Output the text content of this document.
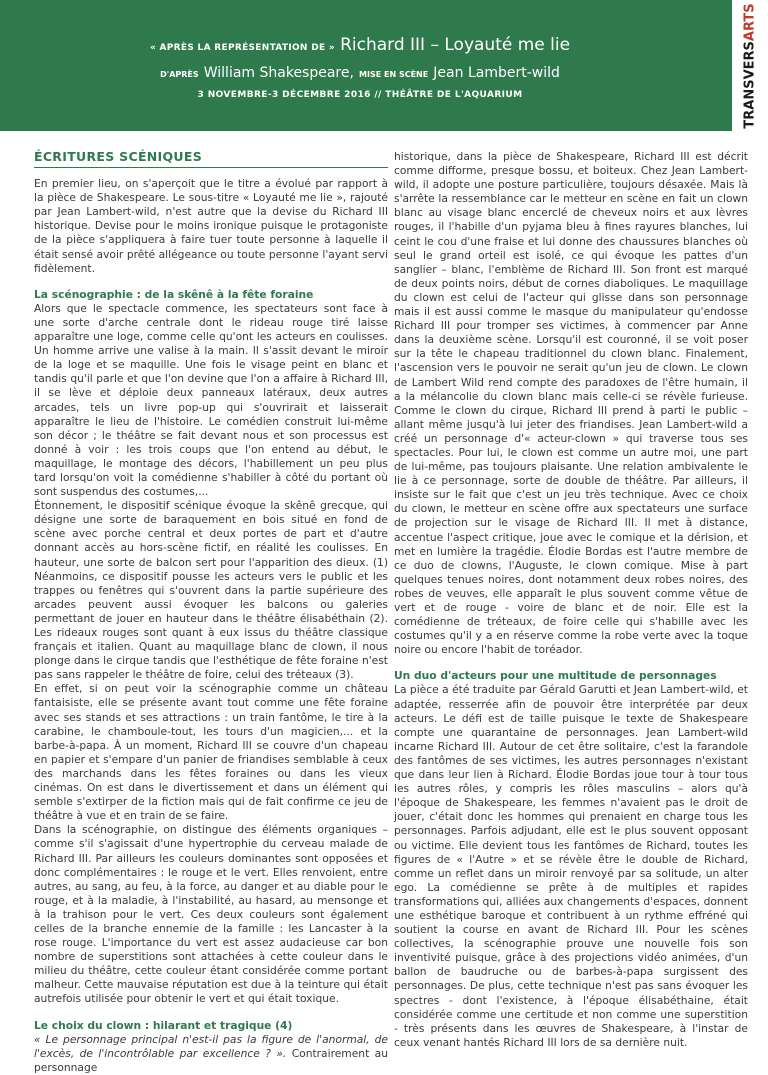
« APRÈS LA REPRÉSENTATION DE » Richard III – Loyauté me lie
D'APRÈS William Shakespeare, MISE EN SCÈNE Jean Lambert-wild
3 NOVEMBRE-3 DÉCEMBRE 2016 // THÉÂTRE DE L'AQUARIUM	TRANSVERSARTS
ÉCRITURES SCÉNIQUES

En premier lieu, on s'aperçoit que le titre a évolué par rapport à la pièce de Shakespeare. Le sous-titre « Loyauté me lie », rajouté par Jean Lambert-wild, n'est autre que la devise du Richard III historique. Devise pour le moins ironique puisque le protagoniste de la pièce s'appliquera à faire tuer toute personne à laquelle il était sensé avoir prêté allégeance ou toute personne l'ayant servi fidèlement.

La scénographie : de la skênê à la fête foraine

Alors que le spectacle commence, les spectateurs sont face à une sorte d'arche centrale dont le rideau rouge tiré laisse apparaître une loge, comme celle qu'ont les acteurs en coulisses. Un homme arrive une valise à la main. Il s'assit devant le miroir de la loge et se maquille. Une fois le visage peint en blanc et tandis qu'il parle et que l'on devine que l'on a affaire à Richard III, il se lève et déploie deux panneaux latéraux, deux autres arcades, tels un livre pop-up qui s'ouvrirait et laisserait apparaître le lieu de l'histoire. Le comédien construit lui-même son décor ; le théâtre se fait devant nous et son processus est donné à voir : les trois coups que l'on entend au début, le maquillage, le montage des décors, l'habillement un peu plus tard lorsqu'on voit la comédienne s'habiller à côté du portant où sont suspendus des costumes,...

Étonnement, le dispositif scénique évoque la skênê grecque, qui désigne une sorte de baraquement en bois situé en fond de scène avec porche central et deux portes de part et d'autre donnant accès au hors-scène fictif, en réalité les coulisses. En hauteur, une sorte de balcon sert pour l'apparition des dieux. (1) Néanmoins, ce dispositif pousse les acteurs vers le public et les trappes ou fenêtres qui s'ouvrent dans la partie supérieure des arcades peuvent aussi évoquer les balcons ou galeries permettant de jouer en hauteur dans le théâtre élisabéthain (2). Les rideaux rouges sont quant à eux issus du théâtre classique français et italien. Quant au maquillage blanc de clown, il nous plonge dans le cirque tandis que l'esthétique de fête foraine n'est pas sans rappeler le théâtre de foire, celui des tréteaux (3).

En effet, si on peut voir la scénographie comme un château fantaisiste, elle se présente avant tout comme une fête foraine avec ses stands et ses attractions : un train fantôme, le tire à la carabine, le chamboule-tout, les tours d'un magicien,... et la barbe-à-papa. À un moment, Richard III se couvre d'un chapeau en papier et s'empare d'un panier de friandises semblable à ceux des marchands dans les fêtes foraines ou dans les vieux cinémas. On est dans le divertissement et dans un élément qui semble s'extirper de la fiction mais qui de fait confirme ce jeu de théâtre à vue et en train de se faire.

Dans la scénographie, on distingue des éléments organiques – comme s'il s'agissait d'une hypertrophie du cerveau malade de Richard III. Par ailleurs les couleurs dominantes sont opposées et donc complémentaires : le rouge et le vert. Elles renvoient, entre autres, au sang, au feu, à la force, au danger et au diable pour le rouge, et à la maladie, à l'instabilité, au hasard, au mensonge et à la trahison pour le vert. Ces deux couleurs sont également celles de la branche ennemie de la famille : les Lancaster à la rose rouge. L'importance du vert est assez audacieuse car bon nombre de superstitions sont attachées à cette couleur dans le milieu du théâtre, cette couleur étant considérée comme portant malheur. Cette mauvaise réputation est due à la teinture qui était autrefois utilisée pour obtenir le vert et qui était toxique.

Le choix du clown : hilarant et tragique (4)

« Le personnage principal n'est-il pas la figure de l'anormal, de l'excès, de l'incontrôlable par excellence ? ». Contrairement au personnage

historique, dans la pièce de Shakespeare, Richard III est décrit comme difforme, presque bossu, et boiteux. Chez Jean Lambert-wild, il adopte une posture particulière, toujours désaxée. Mais là s'arrête la ressemblance car le metteur en scène en fait un clown blanc au visage blanc encerclé de cheveux noirs et aux lèvres rouges, il l'habille d'un pyjama bleu à fines rayures blanches, lui ceint le cou d'une fraise et lui donne des chaussures blanches où seul le grand orteil est isolé, ce qui évoque les pattes d'un sanglier – blanc, l'emblème de Richard III. Son front est marqué de deux points noirs, début de cornes diaboliques. Le maquillage du clown est celui de l'acteur qui glisse dans son personnage mais il est aussi comme le masque du manipulateur qu'endosse Richard III pour tromper ses victimes, à commencer par Anne dans la deuxième scène. Lorsqu'il est couronné, il se voit poser sur la tête le chapeau traditionnel du clown blanc. Finalement, l'ascension vers le pouvoir ne serait qu'un jeu de clown. Le clown de Lambert Wild rend compte des paradoxes de l'être humain, il a la mélancolie du clown blanc mais celle-ci se révèle furieuse. Comme le clown du cirque, Richard III prend à parti le public – allant même jusqu'à lui jeter des friandises. Jean Lambert-wild a créé un personnage d'« acteur-clown » qui traverse tous ses spectacles. Pour lui, le clown est comme un autre moi, une part de lui-même, pas toujours plaisante. Une relation ambivalente le lie à ce personnage, sorte de double de théâtre. Par ailleurs, il insiste sur le fait que c'est un jeu très technique. Avec ce choix du clown, le metteur en scène offre aux spectateurs une surface de projection sur le visage de Richard III. Il met à distance, accentue l'aspect critique, joue avec le comique et la dérision, et met en lumière la tragédie. Élodie Bordas est l'autre membre de ce duo de clowns, l'Auguste, le clown comique. Mise à part quelques tenues noires, dont notamment deux robes noires, des robes de veuves, elle apparaît le plus souvent comme vêtue de vert et de rouge - voire de blanc et de noir. Elle est la comédienne de tréteaux, de foire celle qui s'habille avec les costumes qu'il y a en réserve comme la robe verte avec la toque noire ou encore l'habit de toréador.

Un duo d'acteurs pour une multitude de personnages

La pièce a été traduite par Gérald Garutti et Jean Lambert-wild, et adaptée, resserrée afin de pouvoir être interprétée par deux acteurs. Le défi est de taille puisque le texte de Shakespeare compte une quarantaine de personnages. Jean Lambert-wild incarne Richard III. Autour de cet être solitaire, c'est la farandole des fantômes de ses victimes, les autres personnages n'existant que dans leur lien à Richard. Élodie Bordas joue tour à tour tous les autres rôles, y compris les rôles masculins – alors qu'à l'époque de Shakespeare, les femmes n'avaient pas le droit de jouer, c'était donc les hommes qui prenaient en charge tous les personnages. Parfois adjudant, elle est le plus souvent opposant ou victime. Elle devient tous les fantômes de Richard, toutes les figures de « l'Autre » et se révèle être le double de Richard, comme un reflet dans un miroir renvoyé par sa solitude, un alter ego. La comédienne se prête à de multiples et rapides transformations qui, alliées aux changements d'espaces, donnent une esthétique baroque et contribuent à un rythme effréné qui soutient la course en avant de Richard III. Pour les scènes collectives, la scénographie prouve une nouvelle fois son inventivité puisque, grâce à des projections vidéo animées, d'un ballon de baudruche ou de barbes-à-papa surgissent des personnages. De plus, cette technique n'est pas sans évoquer les spectres - dont l'existence, à l'époque élisabéthaine, était considérée comme une certitude et non comme une superstition - très présents dans les œuvres de Shakespeare, à l'instar de ceux venant hantés Richard III lors de sa dernière nuit.
